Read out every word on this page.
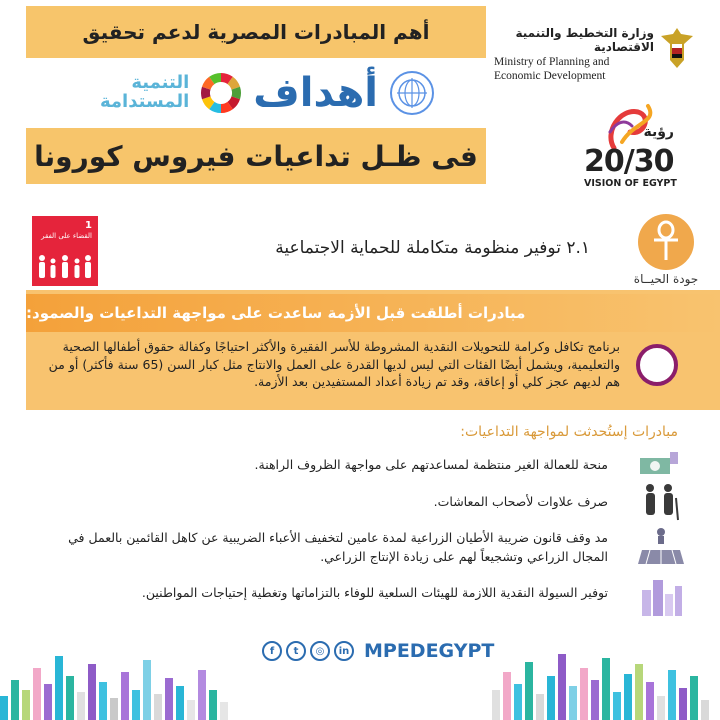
أهم المبادرات المصرية لدعم تحقيق
التنمية
المستدامة أهداف
فى ظـل تداعيات فيروس كورونا
وزارة التخطيط والتنمية الاقتصادية
Ministry of Planning and Economic Development
رؤية
20/30
VISION OF EGYPT
1
القضاء على الفقر
٢.١ توفير منظومة متكاملة للحماية الاجتماعية
جودة الحيــاة
مبادرات أطلقت قبل الأزمة ساعدت على مواجهة التداعيات والصمود:
برنامج تكافل وكرامة للتحويلات النقدية المشروطة للأسر الفقيرة والأكثر احتياجًا وكفالة حقوق أطفالها الصحية والتعليمية، ويشمل أيضًا الفئات التي ليس لديها القدرة على العمل والانتاج مثل كبار السن (65 سنة فأكثر) أو من هم لديهم عجز كلي أو إعاقة، وقد تم زيادة أعداد المستفيدين بعد الأزمة.
مبادرات إستُحدثت لمواجهة التداعيات:
منحة للعمالة الغير منتظمة لمساعدتهم على مواجهة الظروف الراهنة.
صرف علاوات لأصحاب المعاشات.
مد وقف قانون ضريبة الأطيان الزراعية لمدة عامين لتخفيف الأعباء الضريبية عن كاهل القائمين بالعمل في المجال الزراعي وتشجيعاً لهم على زيادة الإنتاج الزراعي.
توفير السيولة النقدية اللازمة للهيئات السلعية للوفاء بالتزاماتها وتغطية إحتياجات المواطنين.
f	t	◎	in MPEDEGYPT
